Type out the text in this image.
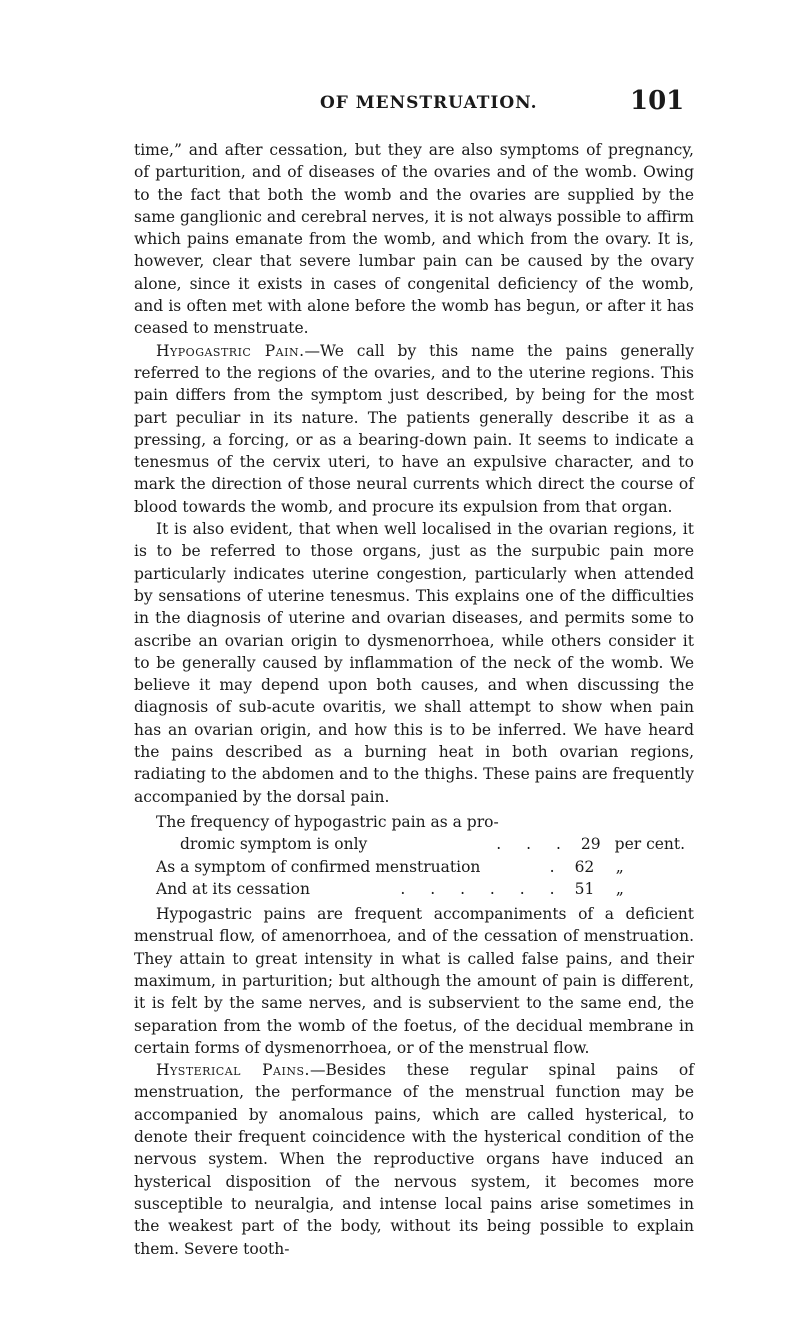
OF MENSTRUATION.	101

time,” and after cessation, but they are also symptoms of pregnancy, of parturition, and of diseases of the ovaries and of the womb. Owing to the fact that both the womb and the ovaries are supplied by the same ganglionic and cerebral nerves, it is not always possible to affirm which pains emanate from the womb, and which from the ovary. It is, however, clear that severe lumbar pain can be caused by the ovary alone, since it exists in cases of congenital deficiency of the womb, and is often met with alone before the womb has begun, or after it has ceased to menstruate.

Hypogastric Pain.—We call by this name the pains generally referred to the regions of the ovaries, and to the uterine regions. This pain differs from the symptom just described, by being for the most part peculiar in its nature. The patients generally describe it as a pressing, a forcing, or as a bearing-down pain. It seems to indicate a tenesmus of the cervix uteri, to have an expulsive character, and to mark the direction of those neural currents which direct the course of blood towards the womb, and procure its expulsion from that organ.

It is also evident, that when well localised in the ovarian regions, it is to be referred to those organs, just as the surpubic pain more particularly indicates uterine congestion, particularly when attended by sensations of uterine tenesmus. This explains one of the difficulties in the diagnosis of uterine and ovarian diseases, and permits some to ascribe an ovarian origin to dysmenorrhoea, while others consider it to be generally caused by inflammation of the neck of the womb. We believe it may depend upon both causes, and when discussing the diagnosis of sub-acute ovaritis, we shall attempt to show when pain has an ovarian origin, and how this is to be inferred. We have heard the pains described as a burning heat in both ovarian regions, radiating to the abdomen and to the thighs. These pains are frequently accompanied by the dorsal pain.

The frequency of hypogastric pain as a pro-
dromic symptom is only	. . . 29 per cent.
As a symptom of confirmed menstruation	. 62	„
And at its cessation	. . . . . . 51	„

Hypogastric pains are frequent accompaniments of a deficient menstrual flow, of amenorrhoea, and of the cessation of menstruation. They attain to great intensity in what is called false pains, and their maximum, in parturition; but although the amount of pain is different, it is felt by the same nerves, and is subservient to the same end, the separation from the womb of the foetus, of the decidual membrane in certain forms of dysmenorrhoea, or of the menstrual flow.

Hysterical Pains.—Besides these regular spinal pains of menstruation, the performance of the menstrual function may be accompanied by anomalous pains, which are called hysterical, to denote their frequent coincidence with the hysterical condition of the nervous system. When the reproductive organs have induced an hysterical disposition of the nervous system, it becomes more susceptible to neuralgia, and intense local pains arise sometimes in the weakest part of the body, without its being possible to explain them. Severe tooth-
